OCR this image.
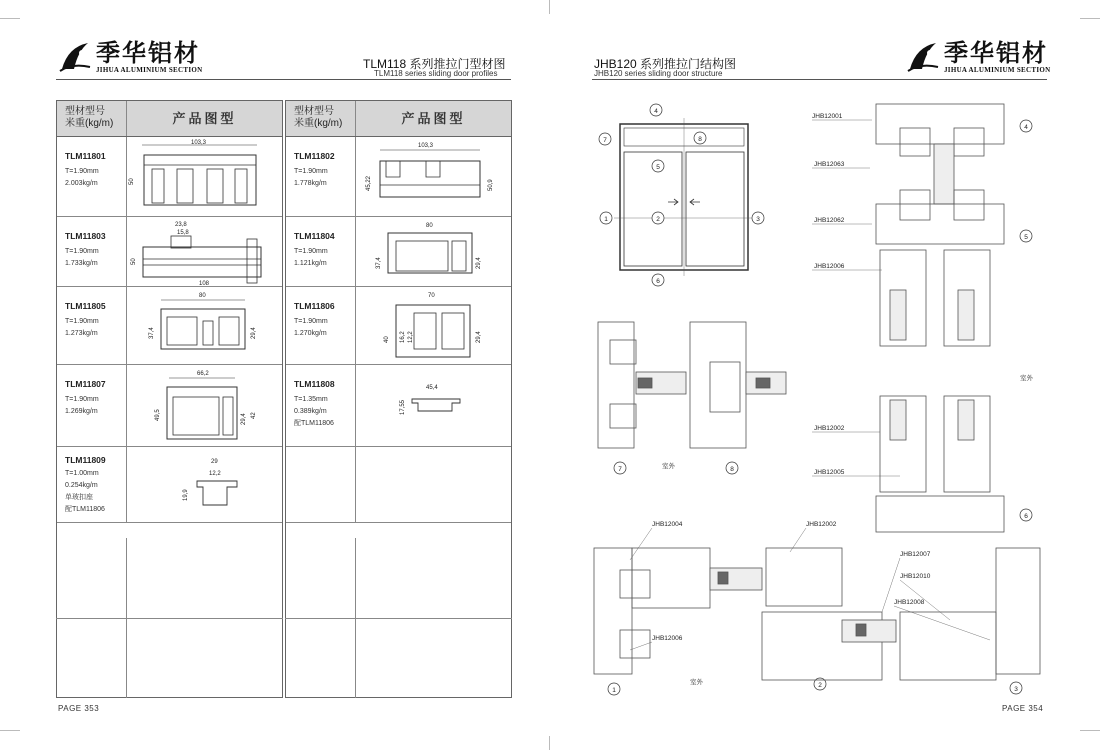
季华铝材
JIHUA ALUMINIUM SECTION	TLM118 系列推拉门型材图
TLM118 series sliding door profiles
型材型号
米重(kg/m)	产品图型
TLM11801
T=1.90mm
2.003kg/m
103,3
50
TLM11803
T=1.90mm
1.733kg/m
23,8
15,8
50
108
TLM11805
T=1.90mm
1.273kg/m
80
37,4	29,4
TLM11807
T=1.90mm
1.269kg/m
66,2
49,5	29,4 42
TLM11809
T=1.00mm
0.254kg/m
单玻扣座
配TLM11806
29
12,2
19,9
型材型号
米重(kg/m)	产品图型
TLM11802
T=1.90mm
1.778kg/m
103,3
45,22	50,9
TLM11804
T=1.90mm
1.121kg/m
80
37,4	29,4
TLM11806
T=1.90mm
1.270kg/m
70
40	29,4
16,2 12,2
TLM11808
T=1.35mm
0.389kg/m
配TLM11806
45,4
17,55
PAGE 353
JHB120 系列推拉门结构图
JHB120 series sliding door structure
季华铝材
JIHUA ALUMINIUM SECTION
4
7	8
5
1	2	3
6
7	8
4
5
6
1
2
3
室外
室外
室外
JHB12001
JHB12063
JHB12062
JHB12006
JHB12002
JHB12005
JHB12004	JHB12002
JHB12007
JHB12010
JHB12008
JHB12006
PAGE 354
